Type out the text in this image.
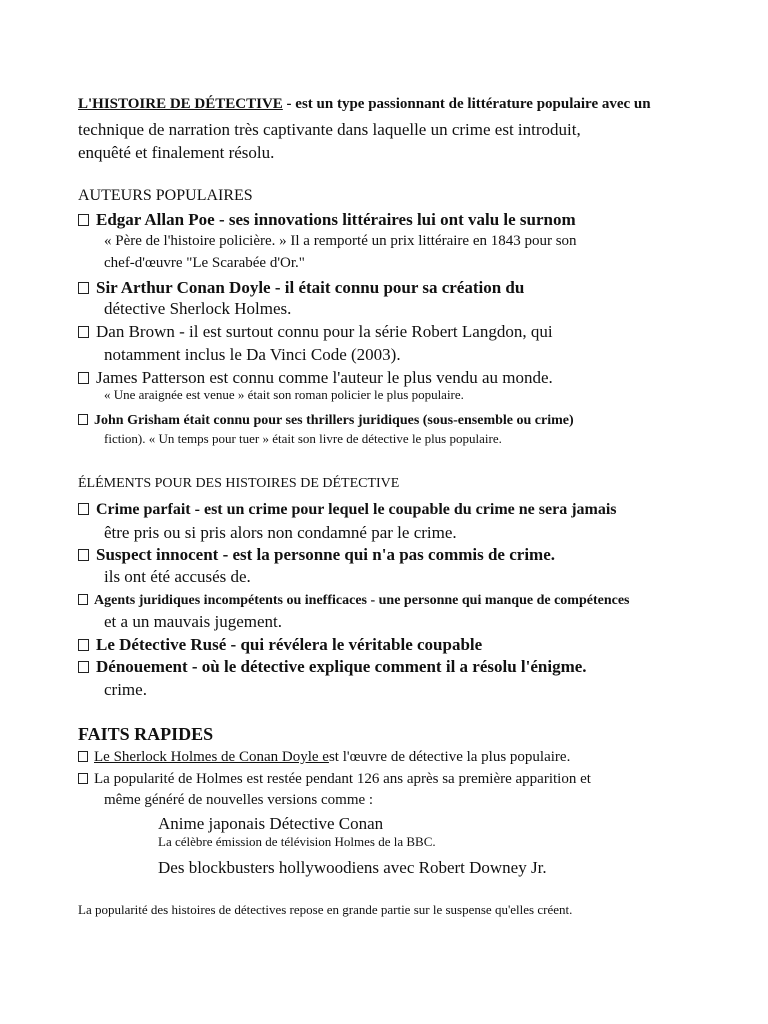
L'HISTOIRE DE DÉTECTIVE - est un type passionnant de littérature populaire avec un
technique de narration très captivante dans laquelle un crime est introduit,
enquêté et finalement résolu.
AUTEURS POPULAIRES
Edgar Allan Poe - ses innovations littéraires lui ont valu le surnom
« Père de l'histoire policière. » Il a remporté un prix littéraire en 1843 pour son
chef-d'œuvre "Le Scarabée d'Or."
Sir Arthur Conan Doyle - il était connu pour sa création du
détective Sherlock Holmes.
Dan Brown - il est surtout connu pour la série Robert Langdon, qui
notamment inclus le Da Vinci Code (2003).
James Patterson est connu comme l'auteur le plus vendu au monde.
« Une araignée est venue » était son roman policier le plus populaire.
John Grisham était connu pour ses thrillers juridiques (sous-ensemble ou crime)
fiction). « Un temps pour tuer » était son livre de détective le plus populaire.
ÉLÉMENTS POUR DES HISTOIRES DE DÉTECTIVE
Crime parfait - est un crime pour lequel le coupable du crime ne sera jamais
être pris ou si pris alors non condamné par le crime.
Suspect innocent - est la personne qui n'a pas commis de crime.
ils ont été accusés de.
Agents juridiques incompétents ou inefficaces - une personne qui manque de compétences
et a un mauvais jugement.
Le Détective Rusé - qui révélera le véritable coupable
Dénouement - où le détective explique comment il a résolu l'énigme.
crime.
FAITS RAPIDES
Le Sherlock Holmes de Conan Doyle est l'œuvre de détective la plus populaire.
La popularité de Holmes est restée pendant 126 ans après sa première apparition et
même généré de nouvelles versions comme :
Anime japonais Détective Conan
La célèbre émission de télévision Holmes de la BBC.
Des blockbusters hollywoodiens avec Robert Downey Jr.
La popularité des histoires de détectives repose en grande partie sur le suspense qu'elles créent.
